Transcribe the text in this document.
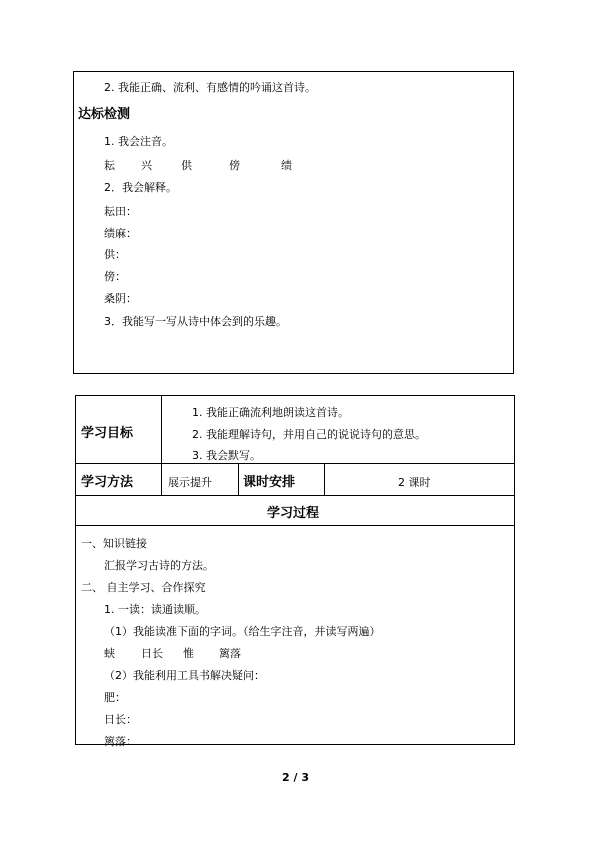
2. 我能正确、流利、有感情的吟诵这首诗。
达标检测
1. 我会注音。
耘 兴	供	傍	绩
2．我会解释。
耘田：
绩麻：
供：
傍：
桑阴：
3．我能写一写从诗中体会到的乐趣。
学习目标
1. 我能正确流利地朗读这首诗。
2. 我能理解诗句，并用自己的说说诗句的意思。
3. 我会默写。
学习方法	展示提升 课时安排	2 课时
学习过程
一、知识链接
汇报学习古诗的方法。
二、 自主学习、合作探究
1. 一读：读通读顺。
（1）我能读准下面的字词。（给生字注音，并读写两遍）
蛱 日长 惟 篱落
（2）我能利用工具书解决疑问：
肥：
日长：
篱落：
2 / 3
